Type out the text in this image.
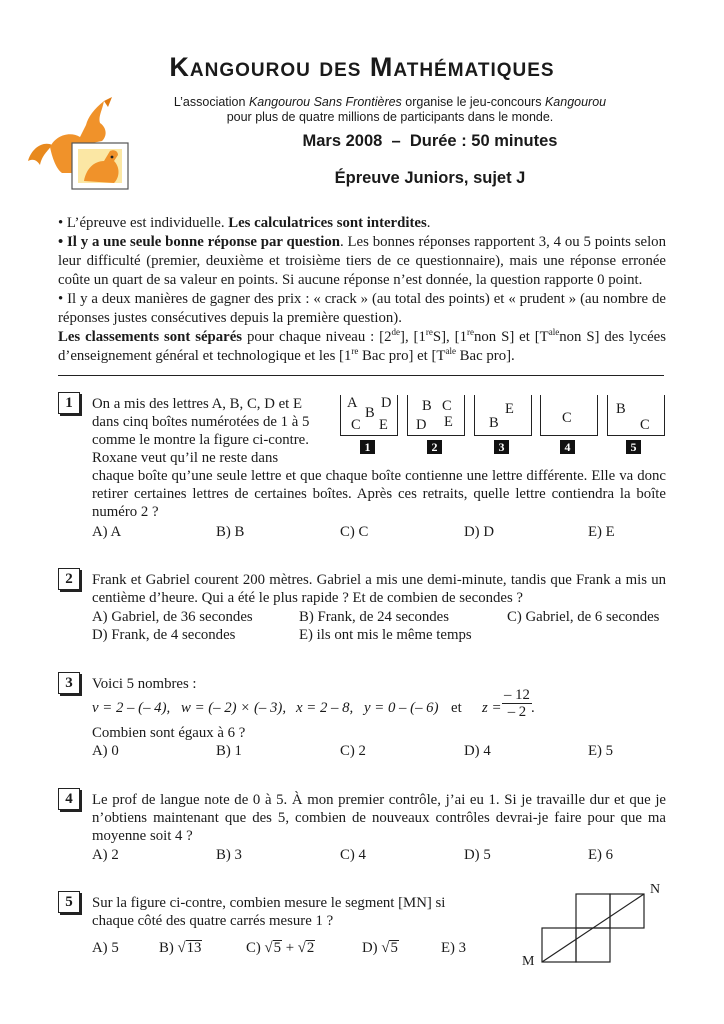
Kangourou des Mathématiques
L’association Kangourou Sans Frontières organise le jeu-concours Kangourou
pour plus de quatre millions de participants dans le monde.
Mars 2008  –  Durée : 50 minutes
Épreuve Juniors, sujet J

• L’épreuve est individuelle. Les calculatrices sont interdites.

• Il y a une seule bonne réponse par question. Les bonnes réponses rapportent 3, 4 ou 5 points selon leur difficulté (premier, deuxième et troisième tiers de ce questionnaire), mais une réponse erronée coûte un quart de sa valeur en points. Si aucune réponse n’est donnée, la question rapporte 0 point.

• Il y a deux manières de gagner des prix : « crack » (au total des points) et « prudent » (au nombre de réponses justes consécutives depuis la première question).

Les classements sont séparés pour chaque niveau : [2de], [1reS], [1renon S] et [$T^{ale}non$ S] des lycées d’enseignement général et technologique et les [1re Bac pro] et [$T^{ale}$ Bac pro].

1	On a mis des lettres A, B, C, D et E
dans cinq boîtes numérotées de 1 à 5
comme le montre la figure ci-contre.
Roxane veut qu’il ne reste dans
chaque boîte qu’une seule lettre et que chaque boîte contienne une lettre différente. Elle va donc retirer certaines lettres de certaines boîtes. Après ces retraits, quelle lettre contiendra la boîte numéro 2 ?
A D
B
C E
1
B C
D E
2
E
B
3
C
4
B
C
5
A) A	B) B	C) C	D) D	E) E
2	Frank et Gabriel courent 200 mètres. Gabriel a mis une demi-minute, tandis que Frank a mis un centième d’heure. Qui a été le plus rapide ? Et de combien de secondes ?
A) Gabriel, de 36 secondes	B) Frank, de 24 secondes	C) Gabriel, de 6 secondes
D) Frank, de 4 secondes	E) ils ont mis le même temps
3	Voici 5 nombres :
v = 2 – (– 4), w = (– 2) × (– 3), x = 2 – 8, y = 0 – (– 6) et $z = \frac{- 12}{- 2}$ .
Combien sont égaux à 6 ?
A) 0	B) 1	C) 2	D) 4	E) 5
4	Le prof de langue note de 0 à 5. À mon premier contrôle, j’ai eu 1. Si je travaille dur et que je n’obtiens maintenant que des 5, combien de nouveaux contrôles devrai-je faire pour que ma moyenne soit 4 ?
A) 2	B) 3	C) 4	D) 5	E) 6
5	Sur la figure ci-contre, combien mesure le segment [MN] si
chaque côté des quatre carrés mesure 1 ?
A) 5	B) √13	C) √5 + √2	D) √5	E) 3
M
N
